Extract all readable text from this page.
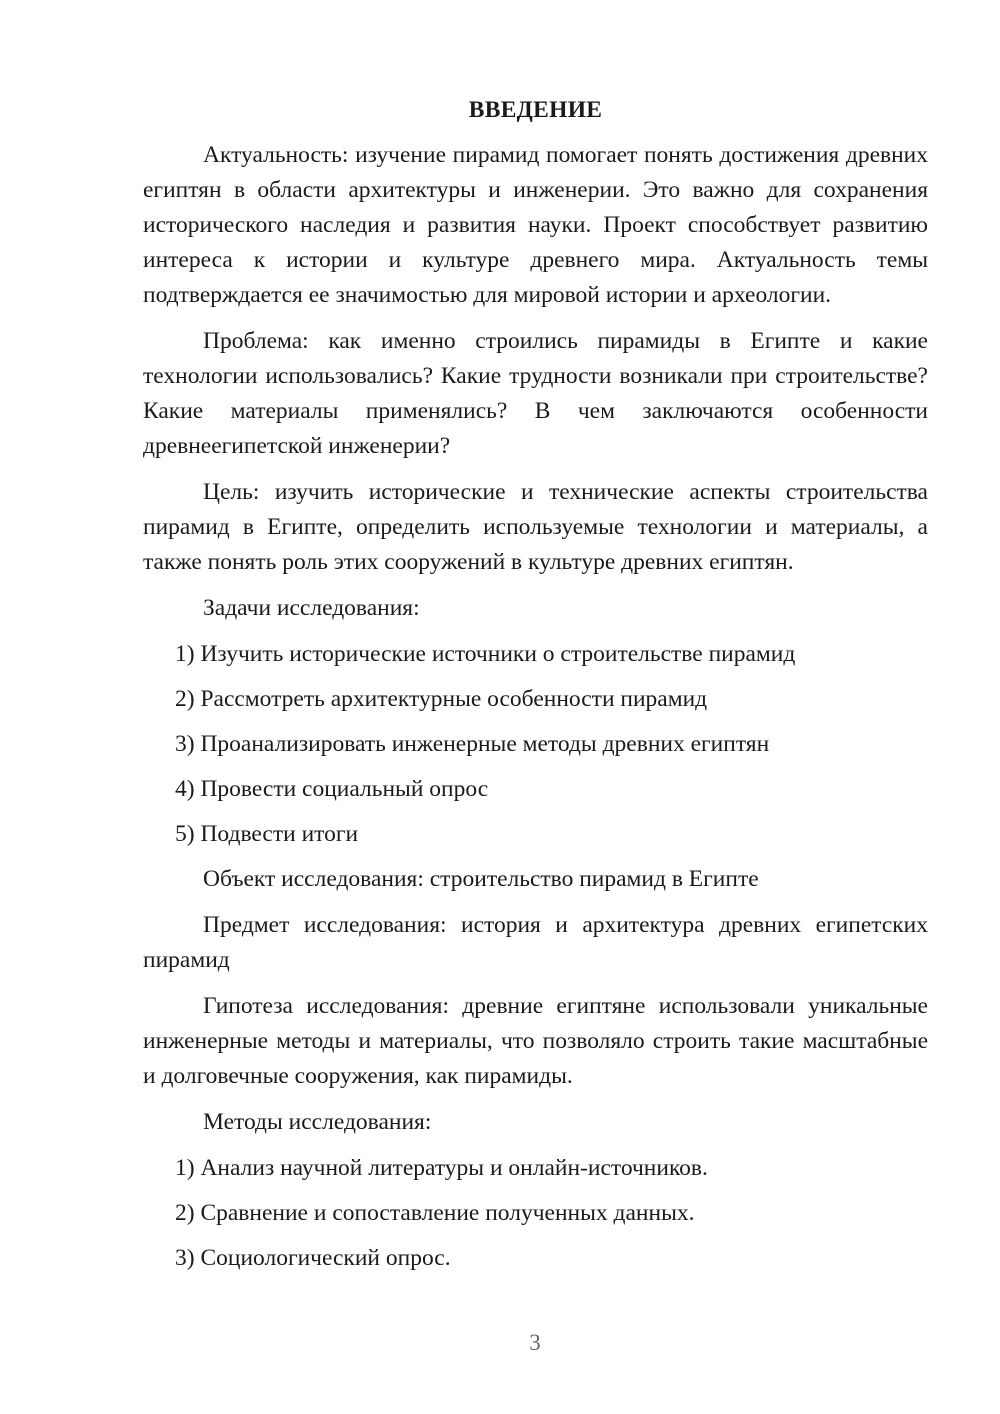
ВВЕДЕНИЕ

Актуальность: изучение пирамид помогает понять достижения древних египтян в области архитектуры и инженерии. Это важно для сохранения исторического наследия и развития науки. Проект способствует развитию интереса к истории и культуре древнего мира. Актуальность темы подтверждается ее значимостью для мировой истории и археологии.

Проблема: как именно строились пирамиды в Египте и какие технологии использовались? Какие трудности возникали при строительстве? Какие материалы применялись? В чем заключаются особенности древнеегипетской инженерии?

Цель: изучить исторические и технические аспекты строительства пирамид в Египте, определить используемые технологии и материалы, а также понять роль этих сооружений в культуре древних египтян.

Задачи исследования:

1) Изучить исторические источники о строительстве пирамид
2) Рассмотреть архитектурные особенности пирамид
3) Проанализировать инженерные методы древних египтян
4) Провести социальный опрос
5) Подвести итоги

Объект исследования: строительство пирамид в Египте

Предмет исследования: история и архитектура древних египетских пирамид

Гипотеза исследования: древние египтяне использовали уникальные инженерные методы и материалы, что позволяло строить такие масштабные и долговечные сооружения, как пирамиды.

Методы исследования:

1) Анализ научной литературы и онлайн-источников.
2) Сравнение и сопоставление полученных данных.
3) Социологический опрос.
3
